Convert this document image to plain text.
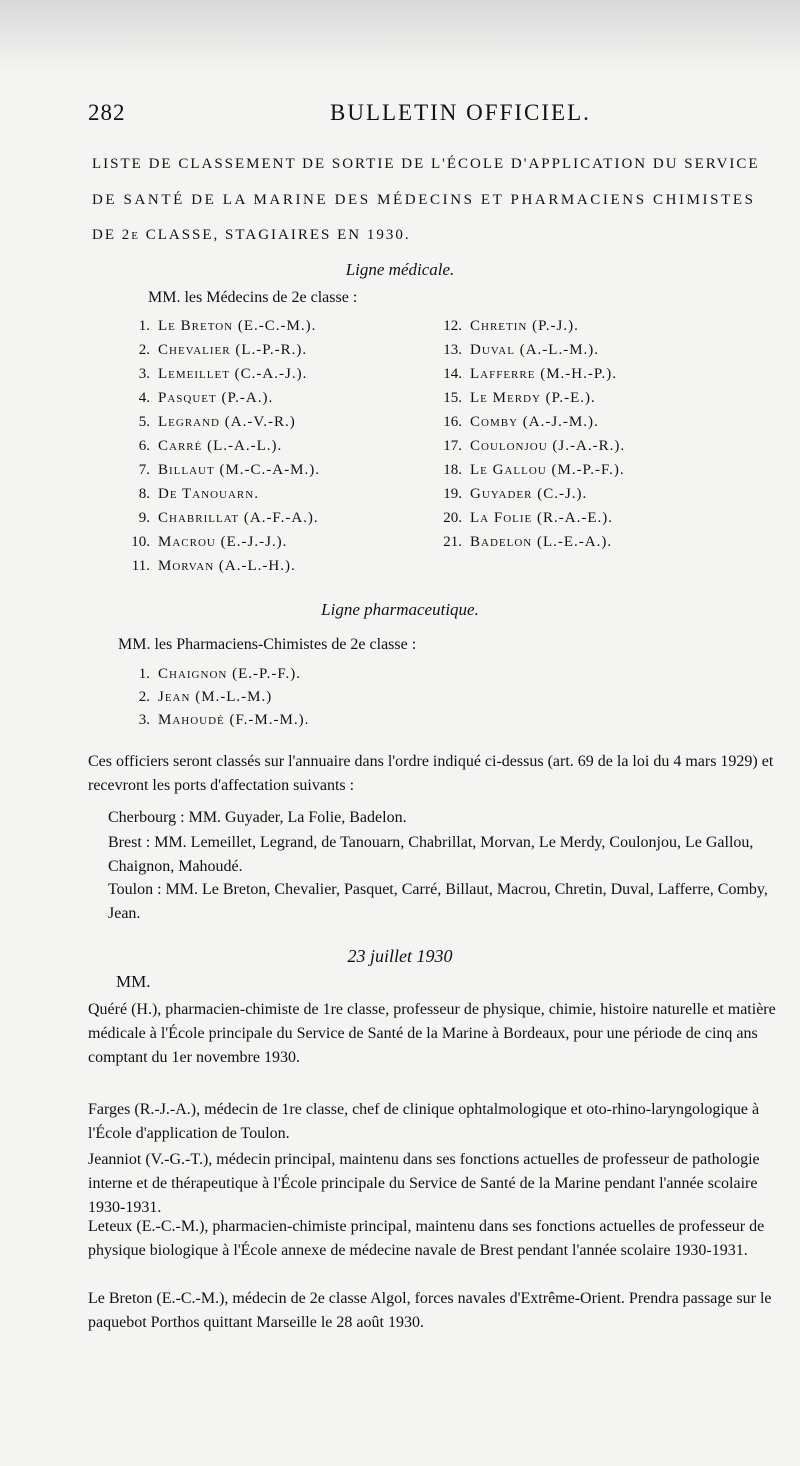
282	BULLETIN OFFICIEL.
LISTE DE CLASSEMENT DE SORTIE DE L'ÉCOLE D'APPLICATION DU SERVICE
DE SANTÉ DE LA MARINE DES MÉDECINS ET PHARMACIENS CHIMISTES
DE 2e CLASSE, STAGIAIRES EN 1930.
Ligne médicale.
MM. les Médecins de 2e classe :
1. Le Breton (E.-C.-M.).
2. Chevalier (L.-P.-R.).
3. Lemeillet (C.-A.-J.).
4. Pasquet (P.-A.).
5. Legrand (A.-V.-R.)
6. Carré (L.-A.-L.).
7. Billaut (M.-C.-A-M.).
8. De Tanouarn.
9. Chabrillat (A.-F.-A.).
10. Macrou (E.-J.-J.).
11. Morvan (A.-L.-H.).
12. Chretin (P.-J.).
13. Duval (A.-L.-M.).
14. Lafferre (M.-H.-P.).
15. Le Merdy (P.-E.).
16. Comby (A.-J.-M.).
17. Coulonjou (J.-A.-R.).
18. Le Gallou (M.-P.-F.).
19. Guyader (C.-J.).
20. La Folie (R.-A.-E.).
21. Badelon (L.-E.-A.).
Ligne pharmaceutique.
MM. les Pharmaciens-Chimistes de 2e classe :
1. Chaignon (E.-P.-F.).
2. Jean (M.-L.-M.)
3. Mahoudé (F.-M.-M.).
Ces officiers seront classés sur l'annuaire dans l'ordre indiqué ci-dessus (art. 69 de la loi du 4 mars 1929) et recevront les ports d'affectation suivants :
Cherbourg : MM. Guyader, La Folie, Badelon.
Brest : MM. Lemeillet, Legrand, de Tanouarn, Chabrillat, Morvan, Le Merdy, Coulonjou, Le Gallou, Chaignon, Mahoudé.
Toulon : MM. Le Breton, Chevalier, Pasquet, Carré, Billaut, Macrou, Chretin, Duval, Lafferre, Comby, Jean.
23 juillet 1930
MM.
Quéré (H.), pharmacien-chimiste de 1re classe, professeur de physique, chimie, histoire naturelle et matière médicale à l'École principale du Service de Santé de la Marine à Bordeaux, pour une période de cinq ans comptant du 1er novembre 1930.
Farges (R.-J.-A.), médecin de 1re classe, chef de clinique ophtalmologique et oto-rhino-laryngologique à l'École d'application de Toulon.
Jeanniot (V.-G.-T.), médecin principal, maintenu dans ses fonctions actuelles de professeur de pathologie interne et de thérapeutique à l'École principale du Service de Santé de la Marine pendant l'année scolaire 1930-1931.
Leteux (E.-C.-M.), pharmacien-chimiste principal, maintenu dans ses fonctions actuelles de professeur de physique biologique à l'École annexe de médecine navale de Brest pendant l'année scolaire 1930-1931.
Le Breton (E.-C.-M.), médecin de 2e classe Algol, forces navales d'Extrême-Orient. Prendra passage sur le paquebot Porthos quittant Marseille le 28 août 1930.
